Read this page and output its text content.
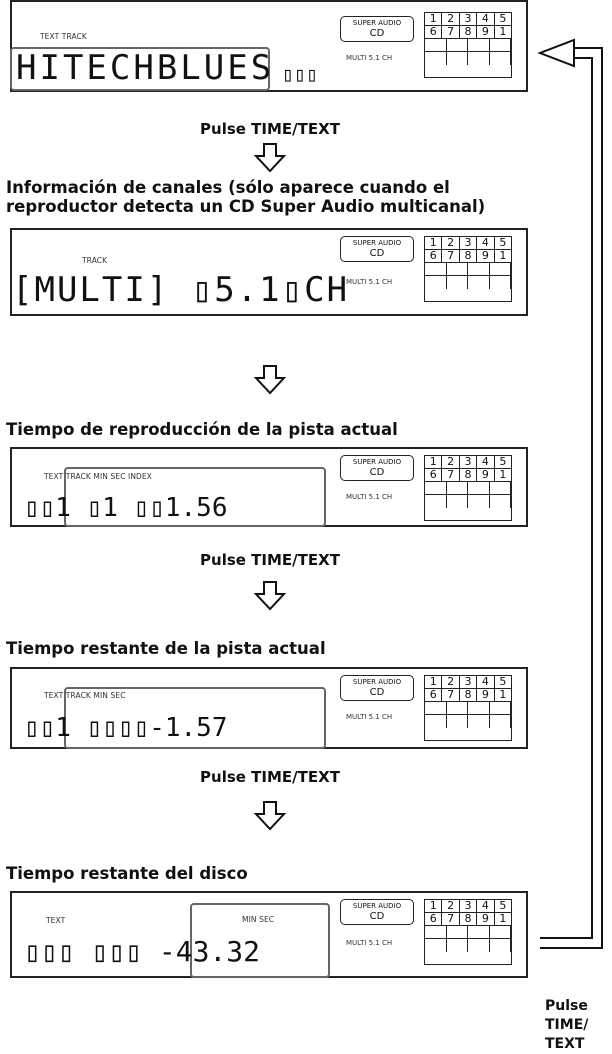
TEXT TRACK
HITECHBLUES ▯▯▯
SUPER AUDIO
CD
MULTI 5.1 CH
1 2 3 4 5
6 7 8 9 1
Pulse TIME/TEXT
Información de canales (sólo aparece cuando el
reproductor detecta un CD Super Audio multicanal)
TRACK
[MULTI] ▯5.1▯CH
SUPER AUDIO
CD
MULTI 5.1 CH
1 2 3 4 5
6 7 8 9 1
Tiempo de reproducción de la pista actual
TEXT TRACK MIN SEC INDEX
▯▯1 ▯1 ▯▯1.56
SUPER AUDIO
CD
MULTI 5.1 CH
1 2 3 4 5
6 7 8 9 1
Pulse TIME/TEXT
Tiempo restante de la pista actual
TEXT TRACK MIN SEC
▯▯1 ▯▯▯▯-1.57
SUPER AUDIO
CD
MULTI 5.1 CH
1 2 3 4 5
6 7 8 9 1
Pulse TIME/TEXT
Tiempo restante del disco
TEXT	MIN SEC
▯▯▯ ▯▯▯ -43.32
SUPER AUDIO
CD
MULTI 5.1 CH
1 2 3 4 5
6 7 8 9 1
Pulse
TIME/
TEXT
